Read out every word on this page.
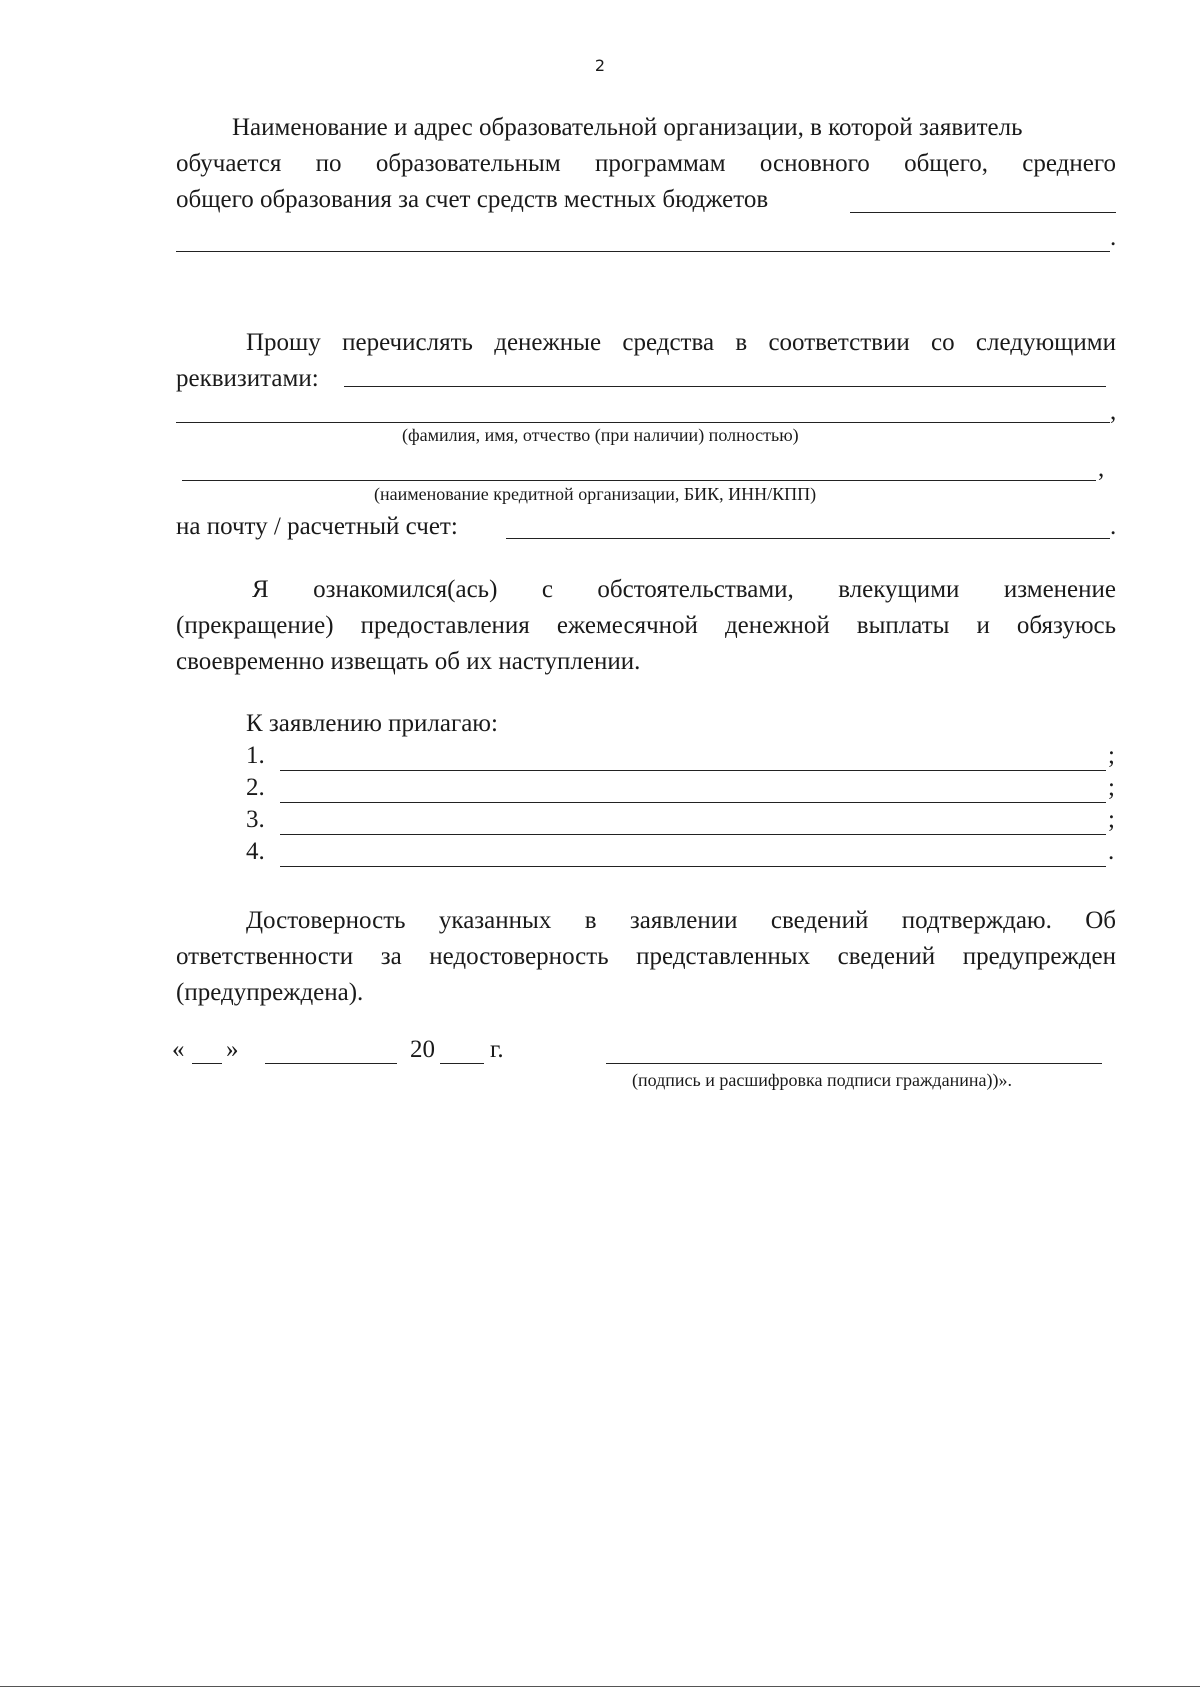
2
Наименование и адрес образовательной организации, в которой заявитель
обучается по образовательным программам основного общего, среднего
общего образования за счет средств местных бюджетов
.
Прошу перечислять денежные средства в соответствии со следующими
реквизитами:
,
(фамилия, имя, отчество (при наличии) полностью)
,
(наименование кредитной организации, БИК, ИНН/КПП)
на почту / расчетный счет:	.
Я ознакомился(ась) с обстоятельствами, влекущими изменение
(прекращение) предоставления ежемесячной денежной выплаты и обязуюсь
своевременно извещать об их наступлении.
К заявлению прилагаю:
1.	;
2.	;
3.	;
4.	.
Достоверность указанных в заявлении сведений подтверждаю. Об
ответственности за недостоверность представленных сведений предупрежден
(предупреждена).
« »	20 г.
(подпись и расшифровка подписи гражданина))».
